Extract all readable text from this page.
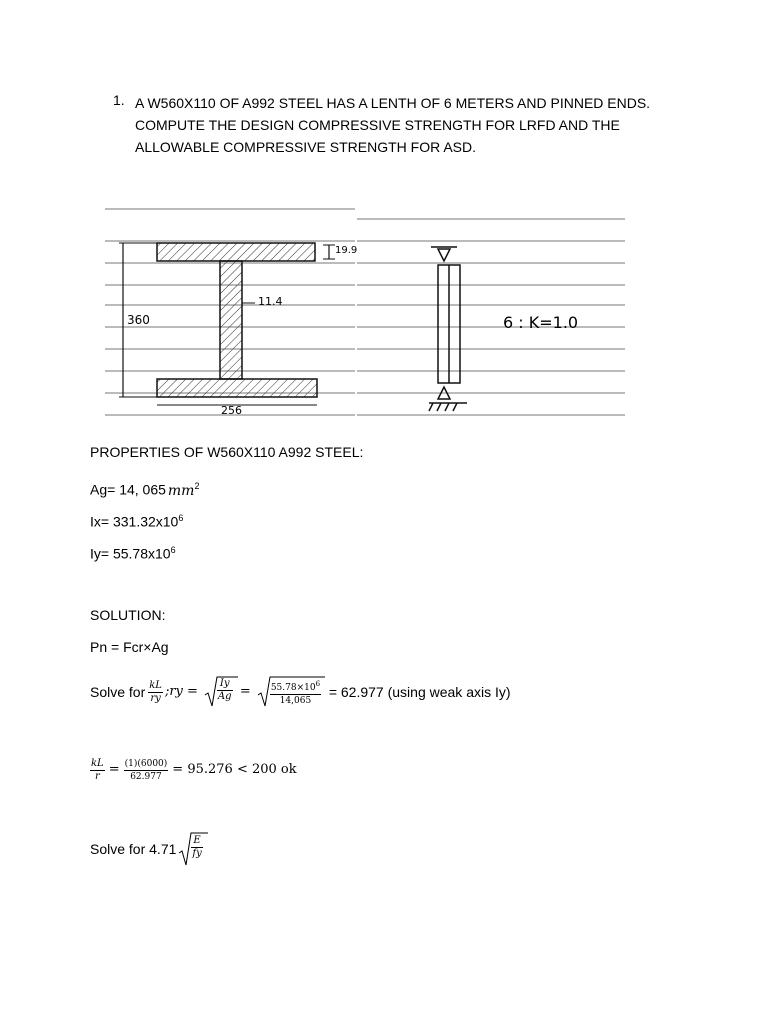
1. A W560X110 OF A992 STEEL HAS A LENTH OF 6 METERS AND PINNED ENDS.
COMPUTE THE DESIGN COMPRESSIVE STRENGTH FOR LRFD AND THE
ALLOWABLE COMPRESSIVE STRENGTH FOR ASD.
360
11.4
19.9
256
6 : K=1.0
PROPERTIES OF W560X110 A992 STEEL:
Ag= 14, 065 $mm^2$
$Ix= 331.32x10^6$
$Iy= 55.78x10^6$
SOLUTION:
Pn = Fcr×Ag
Solve for $\frac{kL}{ry}$ ;ry = $\frac{Iy}{Ag} = \frac{55.78\times 10^6}{14,065} = 62.977$ (using weak axis Iy)
$\frac{kL}{r} = \frac{(1)(6000)}{62.977} = 95.276 < 200$ ok
Solve for $4.71 \frac{E}{fy}$
